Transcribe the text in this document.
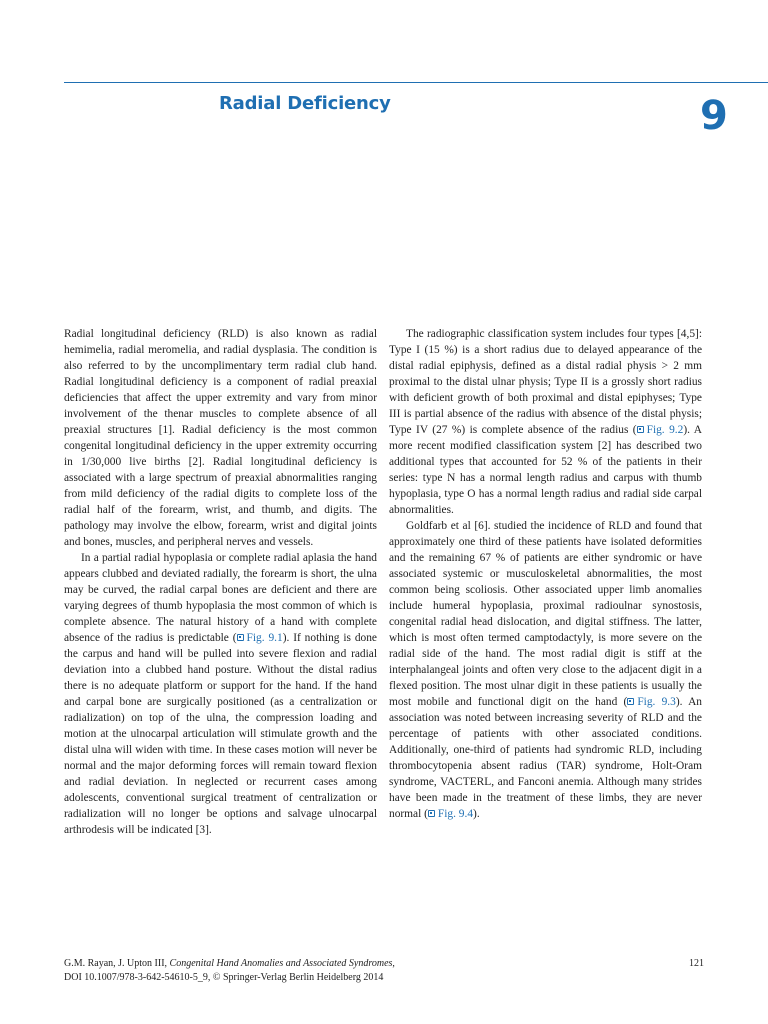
Radial Deficiency	9

Radial longitudinal deficiency (RLD) is also known as radial hemimelia, radial meromelia, and radial dysplasia. The condition is also referred to by the uncomplimentary term radial club hand. Radial longitudinal deficiency is a component of radial preaxial deficiencies that affect the upper extremity and vary from minor involvement of the thenar muscles to complete absence of all preaxial structures [1]. Radial deficiency is the most common congenital longitudinal deficiency in the upper extremity occurring in 1/30,000 live births [2]. Radial longitudinal deficiency is associated with a large spectrum of preaxial abnormalities ranging from mild deficiency of the radial digits to complete loss of the radial half of the forearm, wrist, and thumb, and digits. The pathology may involve the elbow, forearm, wrist and digital joints and bones, muscles, and peripheral nerves and vessels.

In a partial radial hypoplasia or complete radial aplasia the hand appears clubbed and deviated radially, the forearm is short, the ulna may be curved, the radial carpal bones are deficient and there are varying degrees of thumb hypoplasia the most common of which is complete absence. The natural history of a hand with complete absence of the radius is predictable ( Fig. 9.1). If nothing is done the carpus and hand will be pulled into severe flexion and radial deviation into a clubbed hand posture. Without the distal radius there is no adequate platform or support for the hand. If the hand and carpal bone are surgically positioned (as a centralization or radialization) on top of the ulna, the compression loading and motion at the ulnocarpal articulation will stimulate growth and the distal ulna will widen with time. In these cases motion will never be normal and the major deforming forces will remain toward flexion and radial deviation. In neglected or recurrent cases among adolescents, conventional surgical treatment of centralization or radialization will no longer be options and salvage ulnocarpal arthrodesis will be indicated [3].

The radiographic classification system includes four types [4,5]: Type I (15 %) is a short radius due to delayed appearance of the distal radial epiphysis, defined as a distal radial physis > 2 mm proximal to the distal ulnar physis; Type II is a grossly short radius with deficient growth of both proximal and distal epiphyses; Type III is partial absence of the radius with absence of the distal physis; Type IV (27 %) is complete absence of the radius ( Fig. 9.2). A more recent modified classification system [2] has described two additional types that accounted for 52 % of the patients in their series: type N has a normal length radius and carpus with thumb hypoplasia, type O has a normal length radius and radial side carpal abnormalities.

Goldfarb et al [6]. studied the incidence of RLD and found that approximately one third of these patients have isolated deformities and the remaining 67 % of patients are either syndromic or have associated systemic or musculoskeletal abnormalities, the most common being scoliosis. Other associated upper limb anomalies include humeral hypoplasia, proximal radioulnar synostosis, congenital radial head dislocation, and digital stiffness. The latter, which is most often termed camptodactyly, is more severe on the radial side of the hand. The most radial digit is stiff at the interphalangeal joints and often very close to the adjacent digit in a flexed position. The most ulnar digit in these patients is usually the most mobile and functional digit on the hand ( Fig. 9.3). An association was noted between increasing severity of RLD and the percentage of patients with other associated conditions. Additionally, one-third of patients had syndromic RLD, including thrombocytopenia absent radius (TAR) syndrome, Holt-Oram syndrome, VACTERL, and Fanconi anemia. Although many strides have been made in the treatment of these limbs, they are never normal ( Fig. 9.4).

G.M. Rayan, J. Upton III, Congenital Hand Anomalies and Associated Syndromes,
DOI 10.1007/978-3-642-54610-5_9, © Springer-Verlag Berlin Heidelberg 2014
121
